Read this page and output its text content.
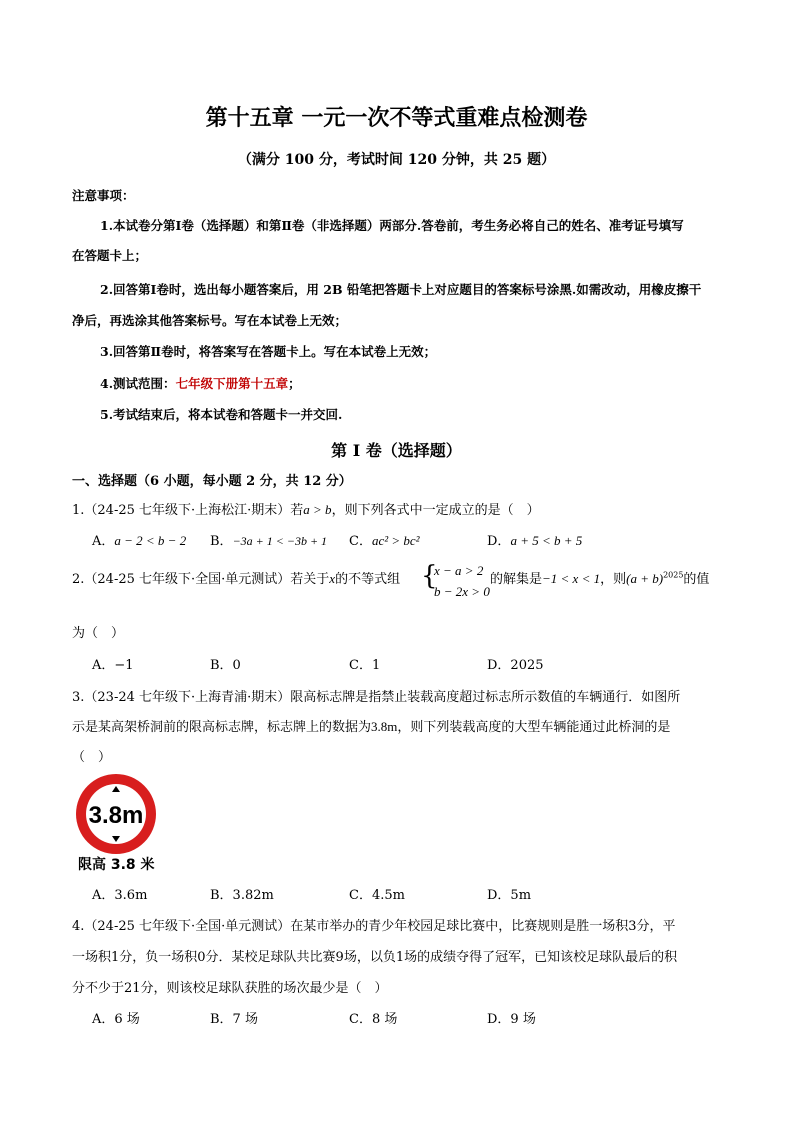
第十五章 一元一次不等式重难点检测卷
（满分 100 分，考试时间 120 分钟，共 25 题）
注意事项：
1.本试卷分第Ⅰ卷（选择题）和第Ⅱ卷（非选择题）两部分.答卷前，考生务必将自己的姓名、准考证号填写
在答题卡上；
2.回答第Ⅰ卷时，选出每小题答案后，用 2B 铅笔把答题卡上对应题目的答案标号涂黑.如需改动，用橡皮擦干
净后，再选涂其他答案标号。写在本试卷上无效；
3.回答第Ⅱ卷时，将答案写在答题卡上。写在本试卷上无效；
4.测试范围：七年级下册第十五章；
5.考试结束后，将本试卷和答题卡一并交回.
第 I 卷（选择题）
一、选择题（6 小题，每小题 2 分，共 12 分）
1.（24-25 七年级下·上海松江·期末）若a > b，则下列各式中一定成立的是（　）
A．a − 2 < b − 2 B．−3a + 1 < −3b + 1 C．ac² > bc²	D．a + 5 < b + 5
2.（24-25 七年级下·全国·单元测试）若关于x的不等式组 {
x − a > 2
b − 2x > 0
的解集是−1 < x < 1，则$(a + b)^{2025}$的值
为（　）
A．−1	B．0	C．1	D．2025
3.（23-24 七年级下·上海青浦·期末）限高标志牌是指禁止装载高度超过标志所示数值的车辆通行．如图所
示是某高架桥洞前的限高标志牌，标志牌上的数据为3.8m，则下列装载高度的大型车辆能通过此桥洞的是
（　）
3.8m
限高 3.8 米
A．3.6m	B．3.82m	C．4.5m	D．5m
4.（24-25 七年级下·全国·单元测试）在某市举办的青少年校园足球比赛中，比赛规则是胜一场积3分，平
一场积1分，负一场积0分．某校足球队共比赛9场，以负1场的成绩夺得了冠军，已知该校足球队最后的积
分不少于21分，则该校足球队获胜的场次最少是（　）
A．6 场	B．7 场	C．8 场	D．9 场
